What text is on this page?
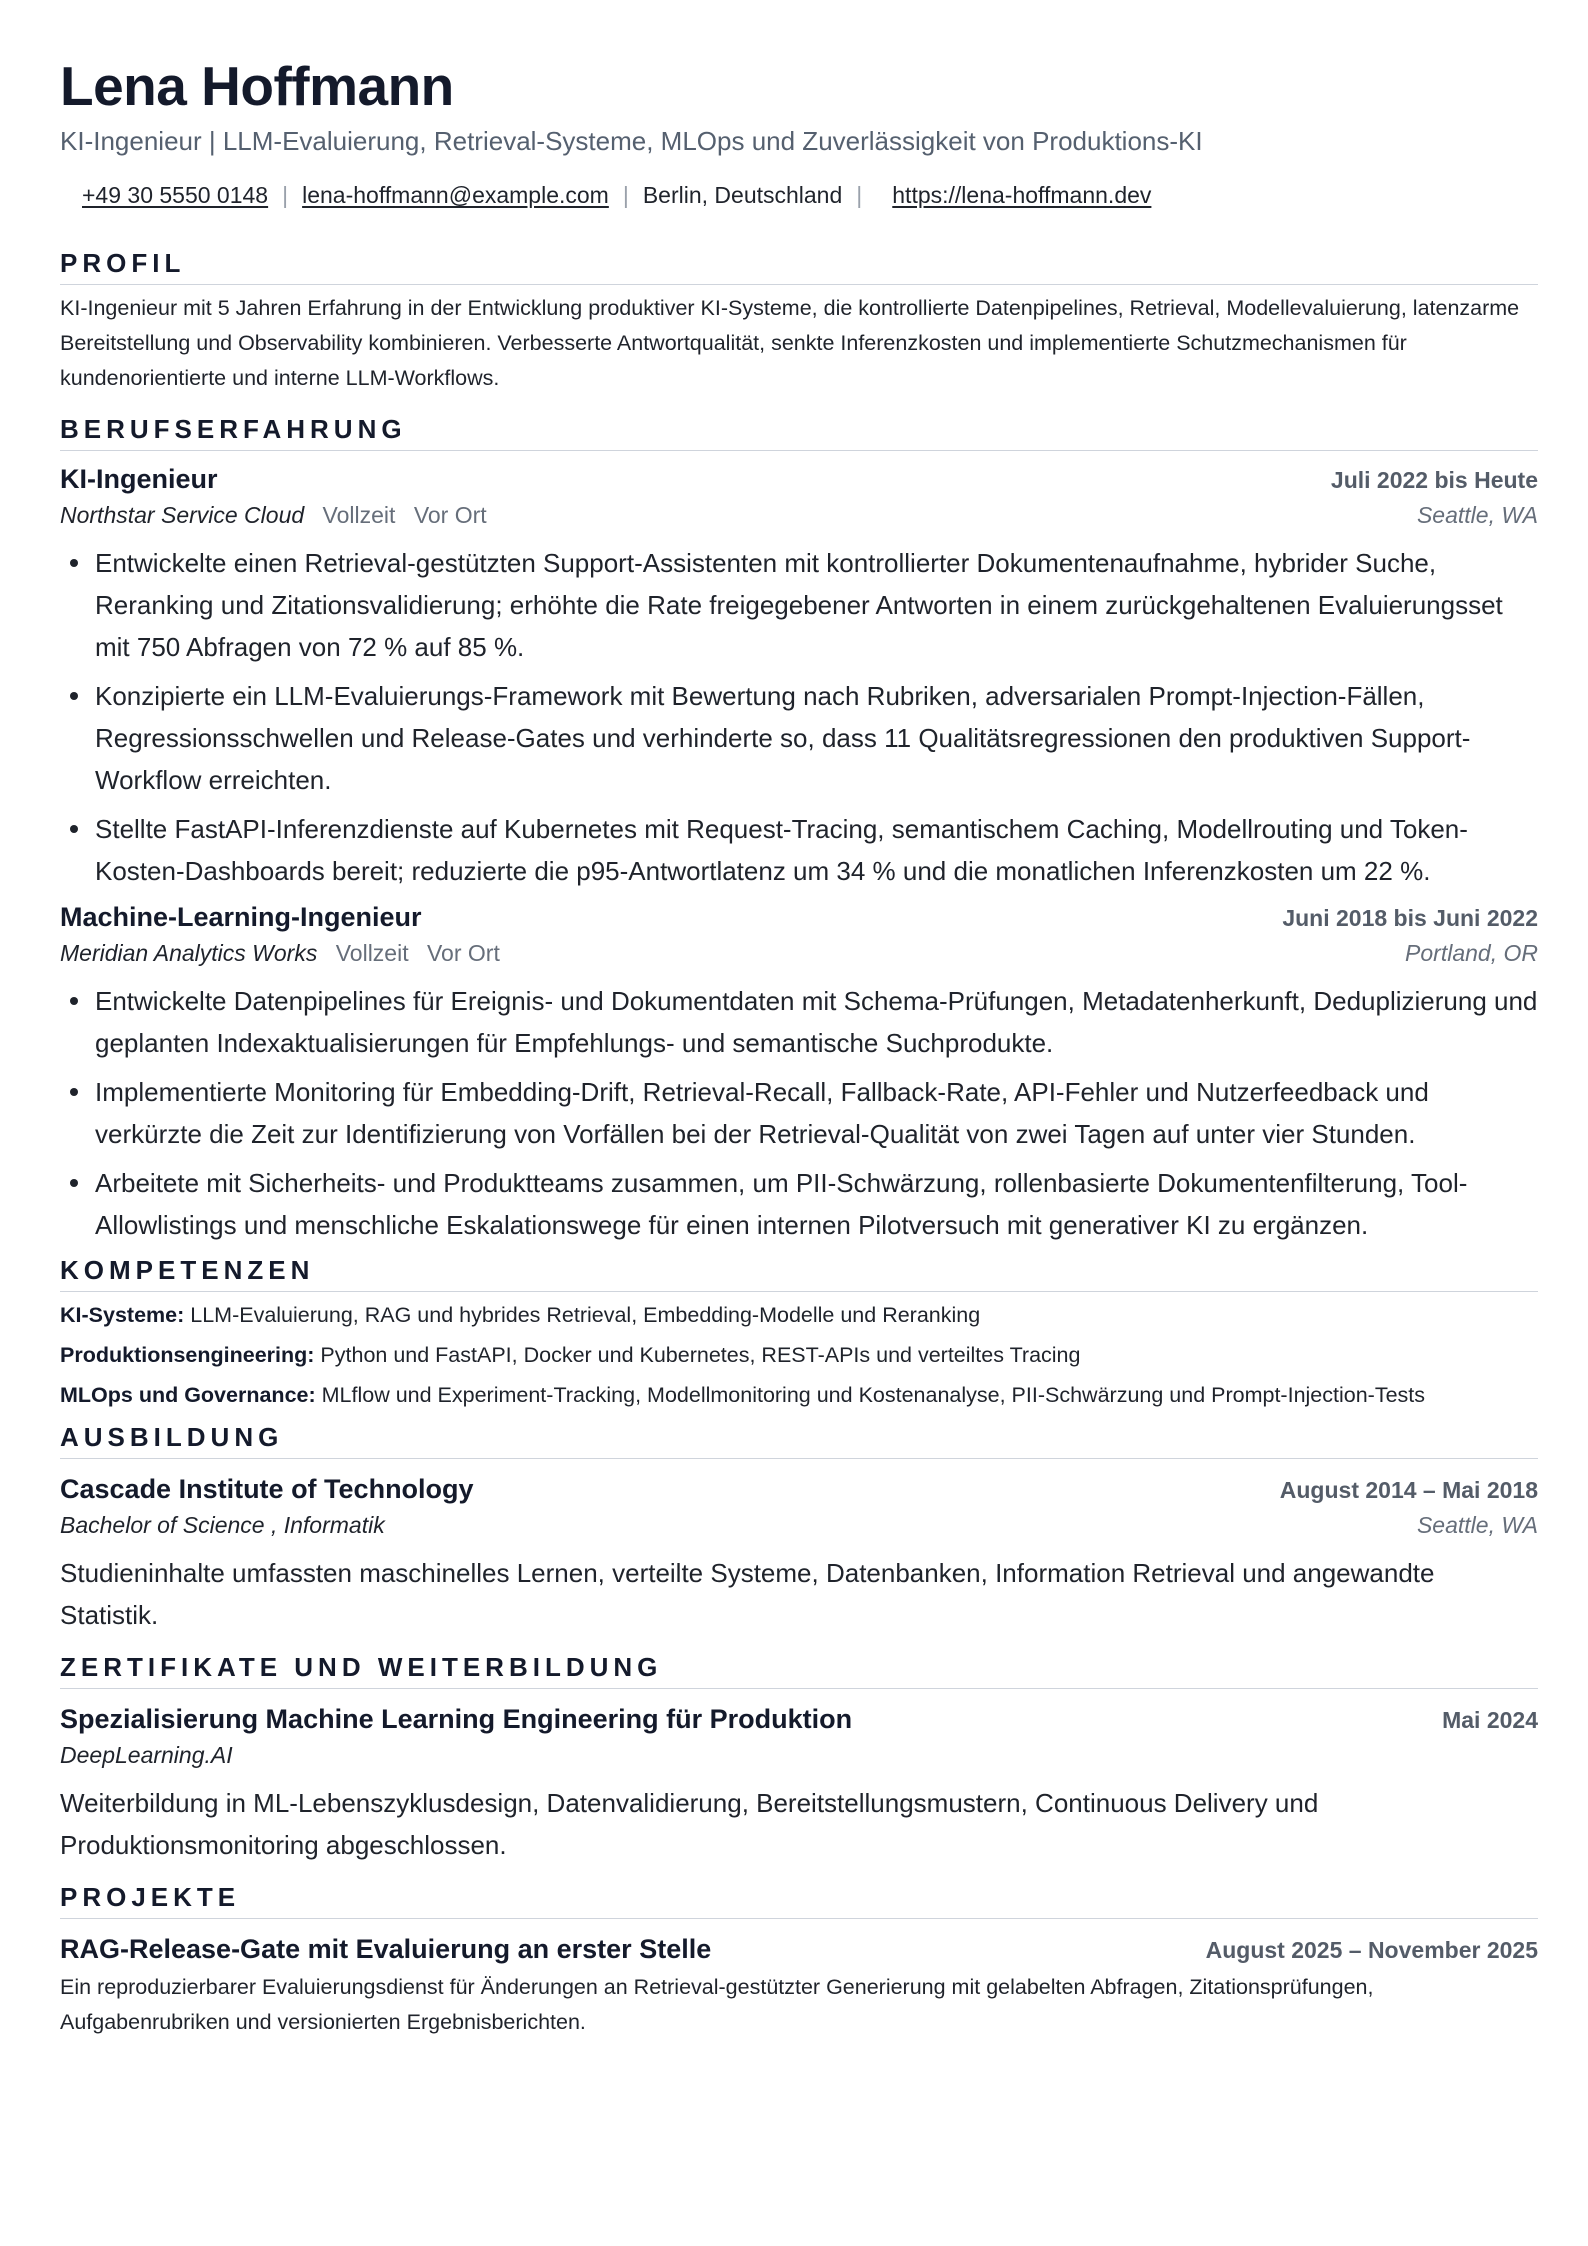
Lena Hoffmann
KI-Ingenieur | LLM-Evaluierung, Retrieval-Systeme, MLOps und Zuverlässigkeit von Produktions-KI
+49 30 5550 0148 | lena-hoffmann@example.com | Berlin, Deutschland | https://lena-hoffmann.dev
PROFIL
KI-Ingenieur mit 5 Jahren Erfahrung in der Entwicklung produktiver KI-Systeme, die kontrollierte Datenpipelines, Retrieval, Modellevaluierung, latenzarme Bereitstellung und Observability kombinieren. Verbesserte Antwortqualität, senkte Inferenzkosten und implementierte Schutzmechanismen für kundenorientierte und interne LLM-Workflows.
BERUFSERFAHRUNG
KI-Ingenieur	Juli 2022 bis Heute
Northstar Service Cloud Vollzeit Vor Ort	Seattle, WA
Entwickelte einen Retrieval-gestützten Support-Assistenten mit kontrollierter Dokumentenaufnahme, hybrider Suche, Reranking und Zitationsvalidierung; erhöhte die Rate freigegebener Antworten in einem zurückgehaltenen Evaluierungsset mit 750 Abfragen von 72 % auf 85 %.
Konzipierte ein LLM-Evaluierungs-Framework mit Bewertung nach Rubriken, adversarialen Prompt-Injection-Fällen, Regressionsschwellen und Release-Gates und verhinderte so, dass 11 Qualitätsregressionen den produktiven Support-Workflow erreichten.
Stellte FastAPI-Inferenzdienste auf Kubernetes mit Request-Tracing, semantischem Caching, Modellrouting und Token-Kosten-Dashboards bereit; reduzierte die p95-Antwortlatenz um 34 % und die monatlichen Inferenzkosten um 22 %.
Machine-Learning-Ingenieur	Juni 2018 bis Juni 2022
Meridian Analytics Works Vollzeit Vor Ort	Portland, OR
Entwickelte Datenpipelines für Ereignis- und Dokumentdaten mit Schema-Prüfungen, Metadatenherkunft, Deduplizierung und geplanten Indexaktualisierungen für Empfehlungs- und semantische Suchprodukte.
Implementierte Monitoring für Embedding-Drift, Retrieval-Recall, Fallback-Rate, API-Fehler und Nutzerfeedback und verkürzte die Zeit zur Identifizierung von Vorfällen bei der Retrieval-Qualität von zwei Tagen auf unter vier Stunden.
Arbeitete mit Sicherheits- und Produktteams zusammen, um PII-Schwärzung, rollenbasierte Dokumentenfilterung, Tool-Allowlistings und menschliche Eskalationswege für einen internen Pilotversuch mit generativer KI zu ergänzen.
KOMPETENZEN
KI-Systeme: LLM-Evaluierung, RAG und hybrides Retrieval, Embedding-Modelle und Reranking
Produktionsengineering: Python und FastAPI, Docker und Kubernetes, REST-APIs und verteiltes Tracing
MLOps und Governance: MLflow und Experiment-Tracking, Modellmonitoring und Kostenanalyse, PII-Schwärzung und Prompt-Injection-Tests
AUSBILDUNG
Cascade Institute of Technology	August 2014 – Mai 2018
Bachelor of Science , Informatik	Seattle, WA
Studieninhalte umfassten maschinelles Lernen, verteilte Systeme, Datenbanken, Information Retrieval und angewandte Statistik.
ZERTIFIKATE UND WEITERBILDUNG
Spezialisierung Machine Learning Engineering für Produktion	Mai 2024
DeepLearning.AI
Weiterbildung in ML-Lebenszyklusdesign, Datenvalidierung, Bereitstellungsmustern, Continuous Delivery und Produktionsmonitoring abgeschlossen.
PROJEKTE
RAG-Release-Gate mit Evaluierung an erster Stelle	August 2025 – November 2025
Ein reproduzierbarer Evaluierungsdienst für Änderungen an Retrieval-gestützter Generierung mit gelabelten Abfragen, Zitationsprüfungen, Aufgabenrubriken und versionierten Ergebnisberichten.
